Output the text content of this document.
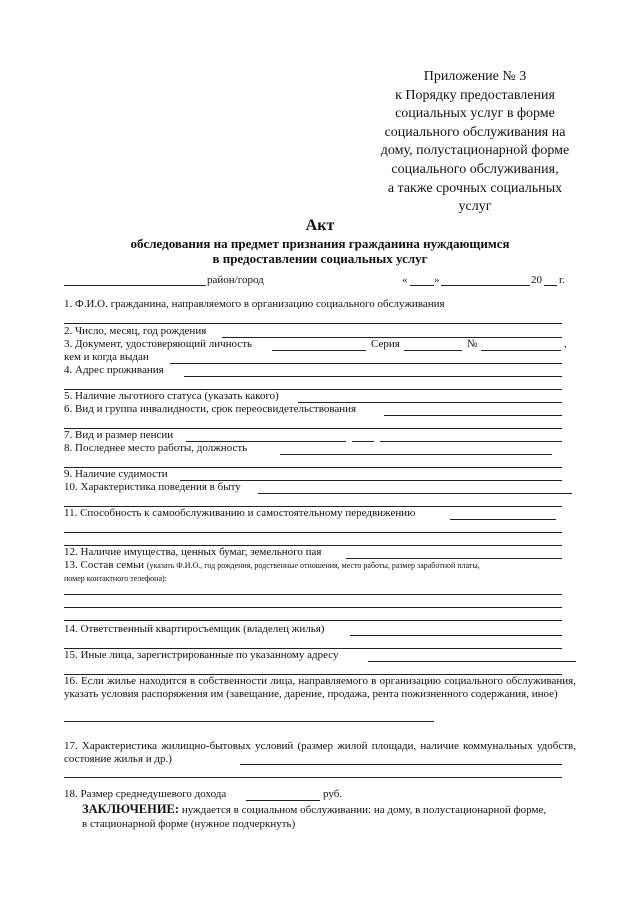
Приложение № 3
к Порядку предоставления
социальных услуг в форме
социального обслуживания на
дому, полустационарной форме
социального обслуживания,
а также срочных социальных
услуг
Акт
обследования на предмет признания гражданина нуждающимся
в предоставлении социальных услуг
район/город	« »	20 г.
1. Ф.И.О. гражданина, направляемого в организацию социального обслуживания
2. Число, месяц, год рождения
3. Документ, удостоверяющий личность	Серия	№	,
кем и когда выдан
4. Адрес проживания
5. Наличие льготного статуса (указать какого)
6. Вид и группа инвалидности, срок переосвидетельствования
7. Вид и размер пенсии
8. Последнее место работы, должность
9. Наличие судимости
10. Характеристика поведения в быту
11. Способность к самообслуживанию и самостоятельному передвижению
12. Наличие имущества, ценных бумаг, земельного пая
13. Состав семьи (указать Ф.И.О., год рождения, родственные отношения, место работы, размер заработной платы,
номер контактного телефона):
14. Ответственный квартиросъемщик (владелец жилья)
15. Иные лица, зарегистрированные по указанному адресу
16. Если жилье находится в собственности лица, направляемого в организацию социального обслуживания, указать условия распоряжения им (завещание, дарение, продажа, рента пожизненного содержания, иное)
17. Характеристика жилищно-бытовых условий (размер жилой площади, наличие коммунальных удобств, состояние жилья и др.)
18. Размер среднедушевого дохода	руб.
ЗАКЛЮЧЕНИЕ: нуждается в социальном обслуживании: на дому, в полустационарной форме,
в стационарной форме (нужное подчеркнуть)
